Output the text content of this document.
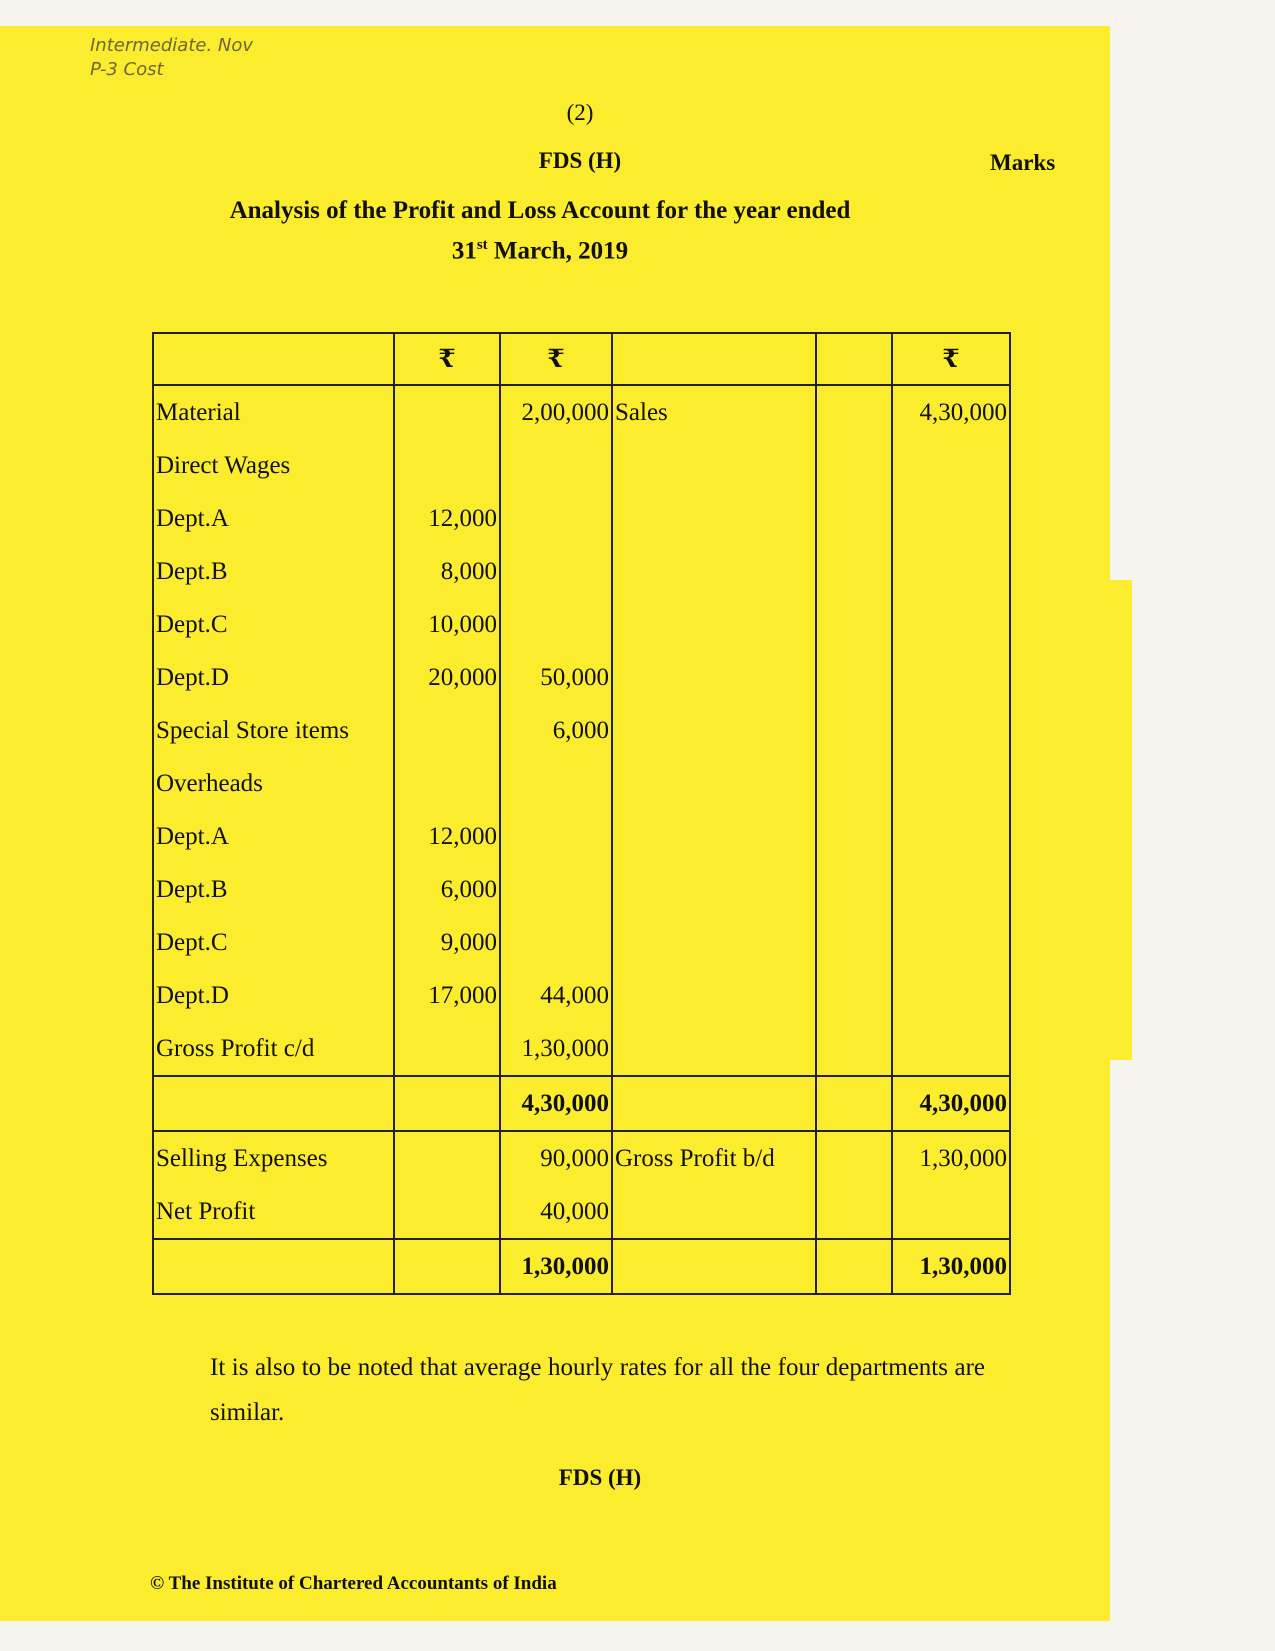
Intermediate. Nov
P-3 Cost
(2)
FDS (H)	Marks
Analysis of the Profit and Loss Account for the year ended
31st March, 2019
	₹	₹			₹
Material		2,00,000	Sales		4,30,000
Direct Wages					
Dept.A	12,000				
Dept.B	8,000				
Dept.C	10,000				
Dept.D	20,000	50,000			
Special Store items		6,000			
Overheads					
Dept.A	12,000				
Dept.B	6,000				
Dept.C	9,000				
Dept.D	17,000	44,000			
Gross Profit c/d		1,30,000			
		4,30,000			4,30,000
Selling Expenses		90,000	Gross Profit b/d		1,30,000
Net Profit		40,000			
		1,30,000			1,30,000
It is also to be noted that average hourly rates for all the four departments are similar.
FDS (H)
© The Institute of Chartered Accountants of India
